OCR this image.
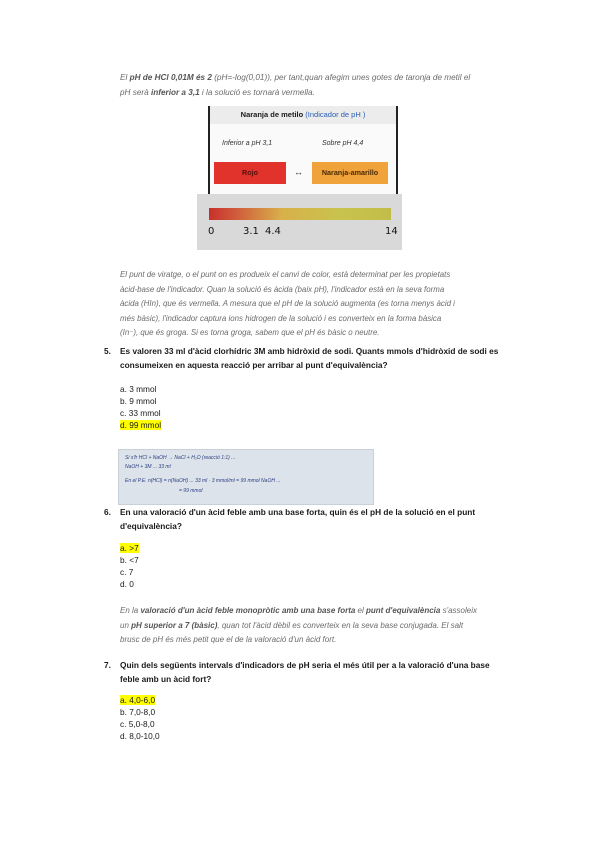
El pH de HCl 0,01M és 2 (pH=-log(0,01)), per tant,quan afegim unes gotes de taronja de metil el
pH serà inferior a 3,1 i la solució es tornarà vermella.
Naranja de metilo (Indicador de pH )
Inferior a pH 3,1	Sobre pH 4,4
Rojo	↔	Naranja-amarillo
0	3.1 4.4	14
El punt de viratge, o el punt on es produeix el canvi de color, està determinat per les propietats
àcid-base de l'indicador. Quan la solució és àcida (baix pH), l'indicador està en la seva forma
àcida (HIn), que és vermella. A mesura que el pH de la solució augmenta (es torna menys àcid i
més bàsic), l'indicador captura ions hidrogen de la solució i es converteix en la forma bàsica
(In⁻), que és groga. Si es torna groga, sabem que el pH és bàsic o neutre.
5. Es valoren 33 ml d'àcid clorhídric 3M amb hidròxid de sodi. Quants mmols d'hidròxid de sodi es
consumeixen en aquesta reacció per arribar al punt d'equivalència?
a. 3 mmol
b. 9 mmol
c. 33 mmol
d. 99 mmol
Si s'fr HCl + NaOH → NaCl + H₂O (reacció 1:1) ...
NaOH + 3M ... 33 ml
En el P.E. n(HCl) = n(NaOH) ... 33 ml · 3 mmol/ml = 99 mmol NaOH ...
= 99 mmol
6. En una valoració d'un àcid feble amb una base forta, quin és el pH de la solució en el punt
d'equivalència?
a. >7
b. <7
c. 7
d. 0
En la valoració d'un àcid feble monopròtic amb una base forta el punt d'equivalència s'assoleix
un pH superior a 7 (bàsic), quan tot l'àcid dèbil es converteix en la seva base conjugada. El salt
brusc de pH és més petit que el de la valoració d'un àcid fort.
7. Quin dels següents intervals d'indicadors de pH seria el més útil per a la valoració d'una base
feble amb un àcid fort?
a. 4,0-6,0
b. 7,0-8,0
c. 5,0-8,0
d. 8,0-10,0
